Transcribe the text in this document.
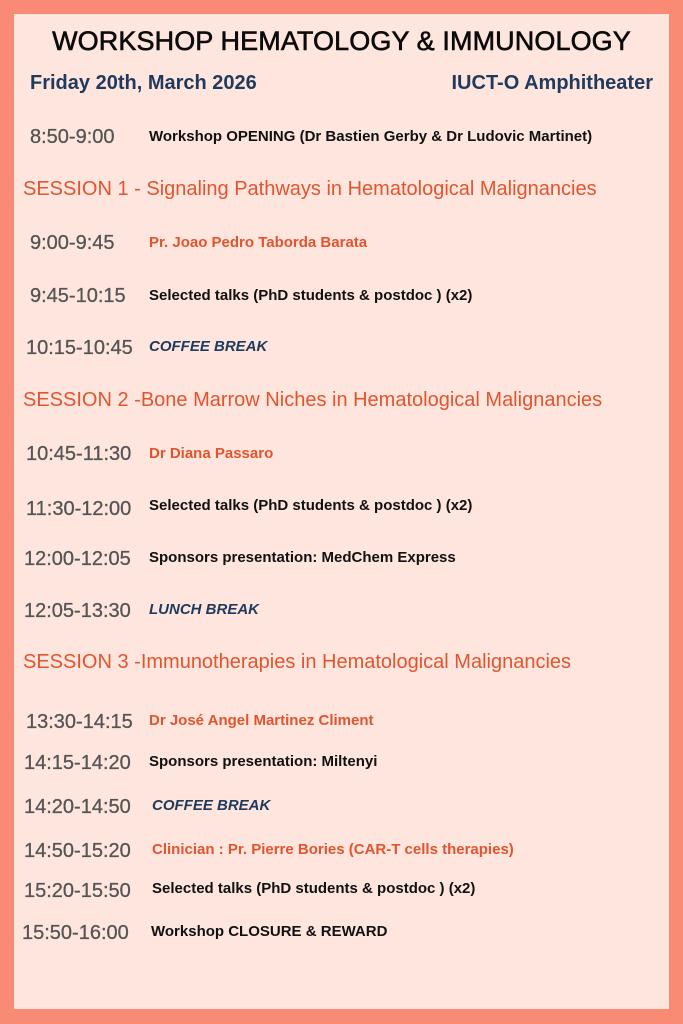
WORKSHOP HEMATOLOGY & IMMUNOLOGY
Friday 20th, March 2026	IUCT-O Amphitheater
8:50-9:00 Workshop OPENING (Dr Bastien Gerby & Dr Ludovic Martinet)
SESSION 1 - Signaling Pathways in Hematological Malignancies
9:00-9:45 Pr. Joao Pedro Taborda Barata
9:45-10:15 Selected talks (PhD students & postdoc ) (x2)
10:15-10:45 COFFEE BREAK
SESSION 2 -Bone Marrow Niches in Hematological Malignancies
10:45-11:30 Dr Diana Passaro
11:30-12:00 Selected talks (PhD students & postdoc ) (x2)
12:00-12:05 Sponsors presentation: MedChem Express
12:05-13:30 LUNCH BREAK
SESSION 3 -Immunotherapies in Hematological Malignancies
13:30-14:15 Dr José Angel Martinez Climent
14:15-14:20 Sponsors presentation: Miltenyi
14:20-14:50 COFFEE BREAK
14:50-15:20 Clinician : Pr. Pierre Bories (CAR-T cells therapies)
15:20-15:50 Selected talks (PhD students & postdoc ) (x2)
15:50-16:00 Workshop CLOSURE & REWARD
